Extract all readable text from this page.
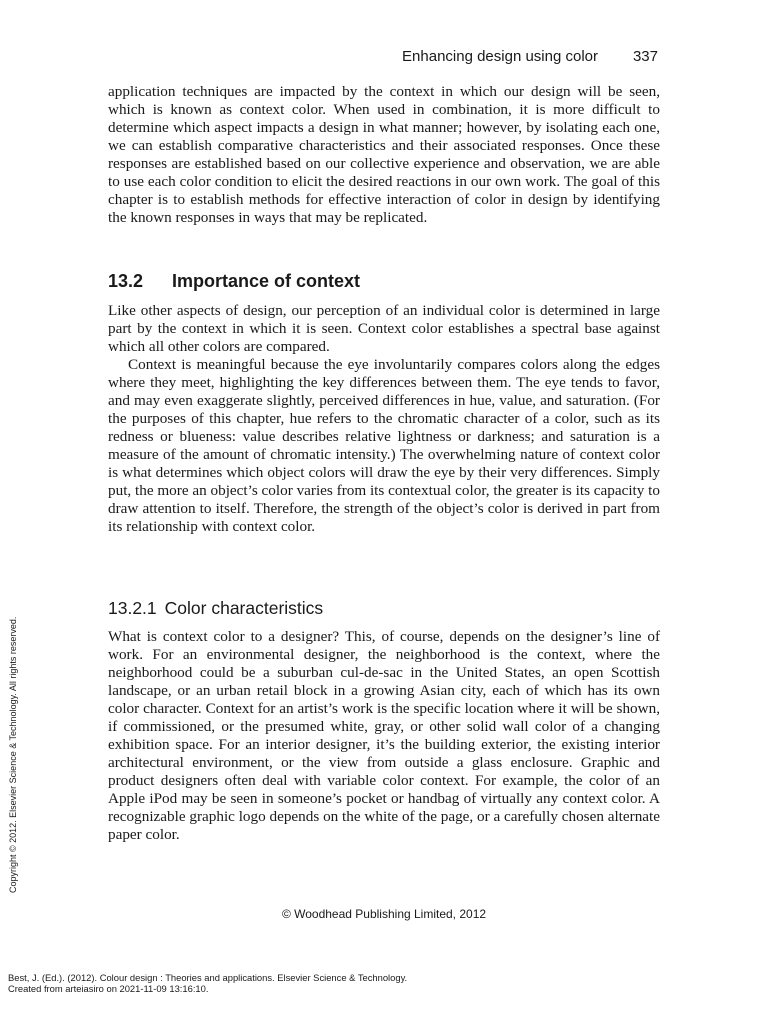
Enhancing design using color 337

application techniques are impacted by the context in which our design will be seen, which is known as context color. When used in combination, it is more difficult to determine which aspect impacts a design in what manner; however, by isolating each one, we can establish comparative characteristics and their associated responses. Once these responses are established based on our collective experience and observation, we are able to use each color condition to elicit the desired reactions in our own work. The goal of this chapter is to establish methods for effective interaction of color in design by identifying the known responses in ways that may be replicated.

13.2 Importance of context

Like other aspects of design, our perception of an individual color is determined in large part by the context in which it is seen. Context color establishes a spectral base against which all other colors are compared.

Context is meaningful because the eye involuntarily compares colors along the edges where they meet, highlighting the key differences between them. The eye tends to favor, and may even exaggerate slightly, perceived differences in hue, value, and saturation. (For the purposes of this chapter, hue refers to the chromatic character of a color, such as its redness or blueness: value describes relative lightness or darkness; and saturation is a measure of the amount of chromatic intensity.) The overwhelming nature of context color is what determines which object colors will draw the eye by their very differences. Simply put, the more an object’s color varies from its contextual color, the greater is its capacity to draw attention to itself. Therefore, the strength of the object’s color is derived in part from its relationship with context color.

13.2.1 Color characteristics

What is context color to a designer? This, of course, depends on the designer’s line of work. For an environmental designer, the neighborhood is the context, where the neighborhood could be a suburban cul-de-sac in the United States, an open Scottish landscape, or an urban retail block in a growing Asian city, each of which has its own color character. Context for an artist’s work is the specific location where it will be shown, if commissioned, or the presumed white, gray, or other solid wall color of a changing exhibition space. For an interior designer, it’s the building exterior, the existing interior architectural environment, or the view from outside a glass enclosure. Graphic and product designers often deal with variable color context. For example, the color of an Apple iPod may be seen in someone’s pocket or handbag of virtually any context color. A recognizable graphic logo depends on the white of the page, or a carefully chosen alternate paper color.

© Woodhead Publishing Limited, 2012
Copyright © 2012. Elsevier Science & Technology. All rights reserved.
Best, J. (Ed.). (2012). Colour design : Theories and applications. Elsevier Science & Technology.
Created from arteiasiro on 2021-11-09 13:16:10.
